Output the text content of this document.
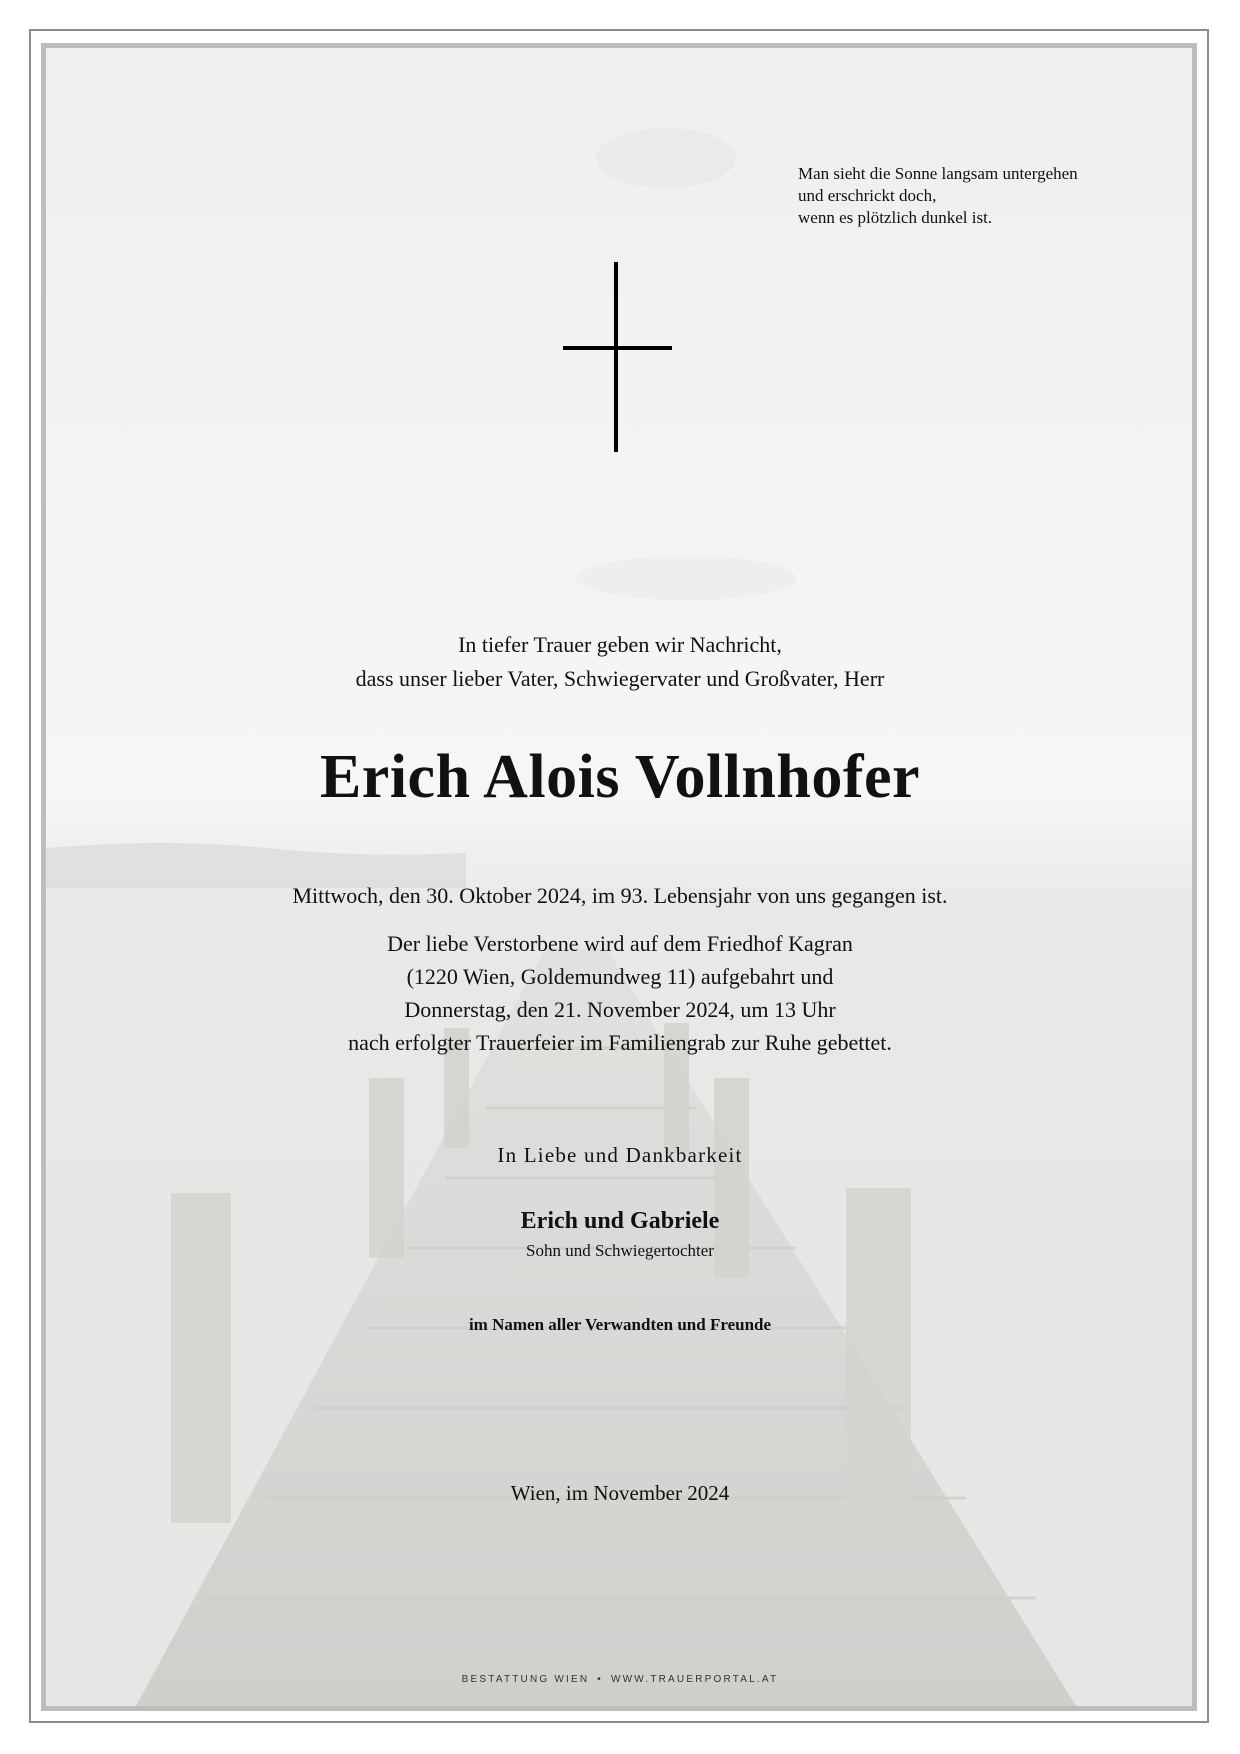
Man sieht die Sonne langsam untergehen
und erschrickt doch,
wenn es plötzlich dunkel ist.
In tiefer Trauer geben wir Nachricht,
dass unser lieber Vater, Schwiegervater und Großvater, Herr
Erich Alois Vollnhofer
Mittwoch, den 30. Oktober 2024, im 93. Lebensjahr von uns gegangen ist.
Der liebe Verstorbene wird auf dem Friedhof Kagran
(1220 Wien, Goldemundweg 11) aufgebahrt und
Donnerstag, den 21. November 2024, um 13 Uhr
nach erfolgter Trauerfeier im Familiengrab zur Ruhe gebettet.
In Liebe und Dankbarkeit
Erich und Gabriele
Sohn und Schwiegertochter
im Namen aller Verwandten und Freunde
Wien, im November 2024
BESTATTUNG WIEN • WWW.TRAUERPORTAL.AT
